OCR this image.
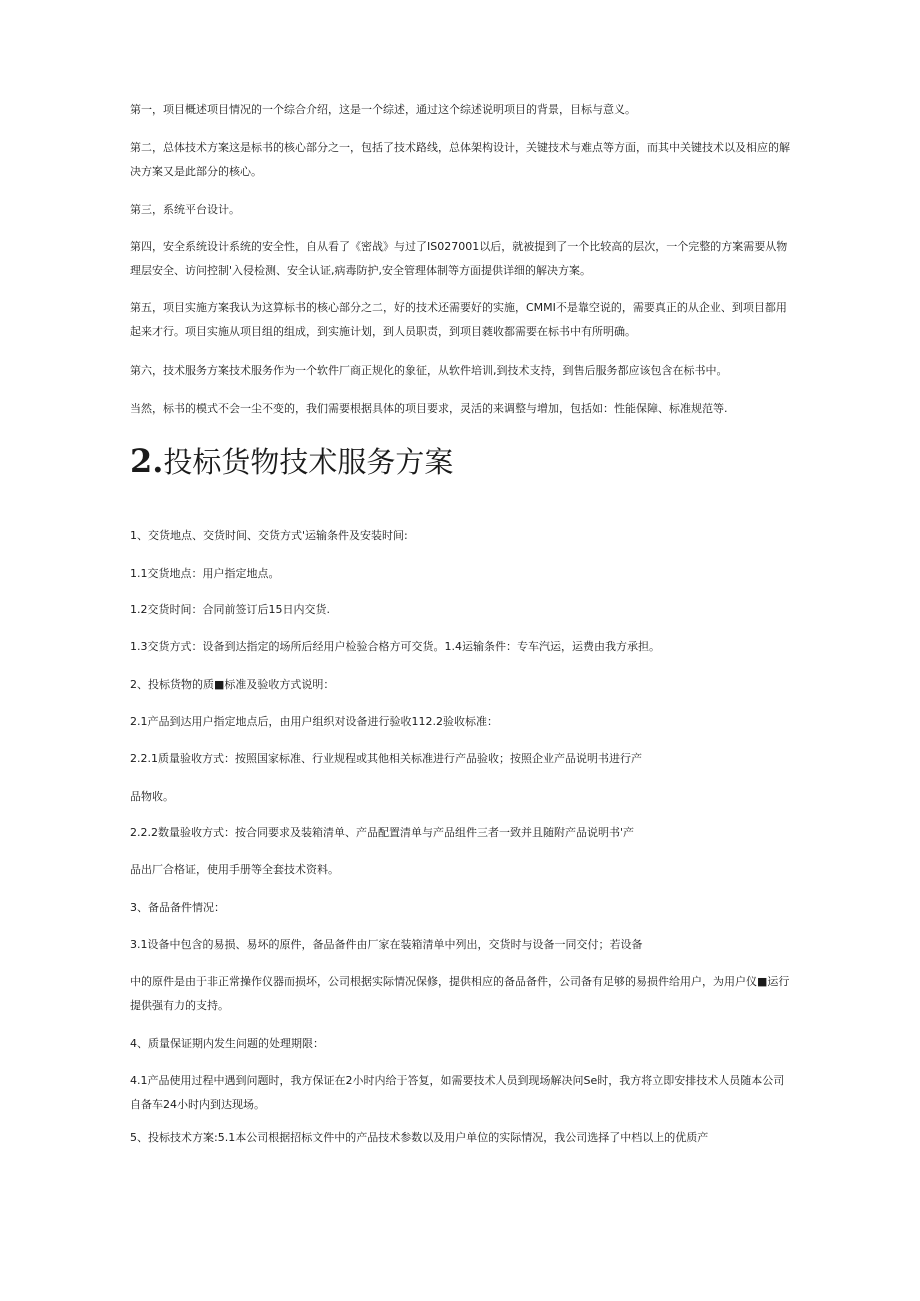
第一，项目概述项目情况的一个综合介绍，这是一个综述，通过这个综述说明项目的背景，目标与意义。

第二，总体技术方案这是标书的核心部分之一，包括了技术路线，总体架构设计，关键技术与难点等方面，而其中关键技术以及相应的解决方案又是此部分的核心。

第三，系统平台设计。

第四，安全系统设计系统的安全性，自从看了《密战》与过了IS027001以后，就被提到了一个比较高的层次，一个完整的方案需要从物理层安全、访问控制'入侵检测、安全认证,病毒防护,安全管理体制等方面提供详细的解决方案。

第五，项目实施方案我认为这算标书的核心部分之二，好的技术还需要好的实施，CMMI不是靠空说的，需要真正的从企业、到项目都用起来才行。项目实施从项目组的组成，到实施计划，到人员职责，到项目蕤收都需要在标书中有所明确。

第六，技术服务方案技术服务作为一个软件厂商正规化的象征，从软件培训,到技术支持，到售后服务都应该包含在标书中。

当然，标书的模式不会一尘不变的，我们需要根据具体的项目要求，灵活的来调整与增加，包括如：性能保障、标准规范等.

2.投标货物技术服务方案

1、交货地点、交货时间、交货方式'运输条件及安装时间:

1.1交货地点：用户指定地点。

1.2交货时间：合同前签订后15日内交货.

1.3交货方式：设备到达指定的场所后经用户检验合格方可交货。1.4运输条件：专车汽运，运费由我方承担。

2、投标货物的质■标准及验收方式说明：

2.1产品到达用户指定地点后，由用户组织对设备进行验收112.2验收标准：

2.2.1质量验收方式：按照国家标准、行业规程或其他相关标准进行产品验收；按照企业产品说明书进行产

品物收。

2.2.2数量验收方式：按合同要求及装箱清单、产品配置清单与产品组件三者一致并且随附产品说明书'产

品出厂合格证，使用手册等全套技术资料。

3、备品备件情况：

3.1设备中包含的易损、易坏的原件，备品备件由厂家在装箱清单中列出，交货时与设备一同交付；若设备

中的原件是由于非正常操作仪器而损坏，公司根据实际情况保修，提供相应的备品备件，公司备有足够的易损件给用户，为用户仪■运行提供强有力的支持。

4、质量保证期内发生问题的处理期限：

4.1产品使用过程中遇到问题时，我方保证在2小时内给于答复，如需要技术人员到现场解决问Se时，我方将立即安排技术人员随本公司自备车24小时内到达现场。

5、投标技术方案:5.1本公司根据招标文件中的产品技术参数以及用户单位的实际情况，我公司选择了中档以上的优质产
